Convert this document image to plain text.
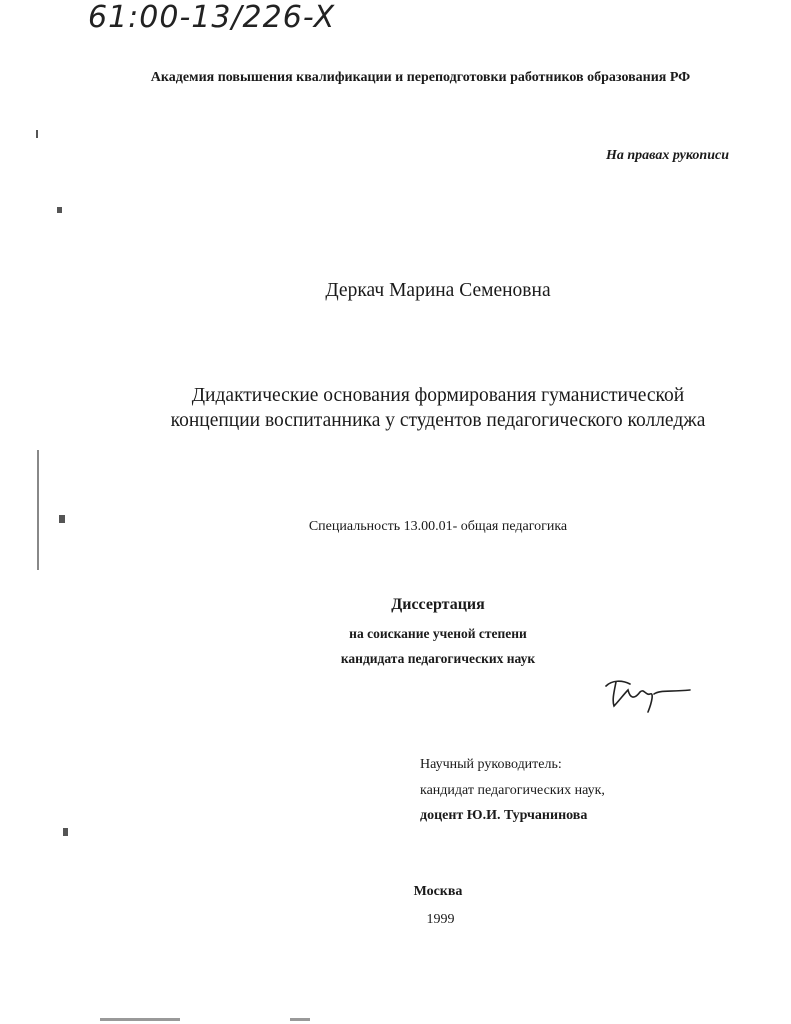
61:00-13/226-X
Академия повышения квалификации и переподготовки работников образования РФ
На правах рукописи
Деркач Марина Семеновна
Дидактические основания формирования гуманистической
концепции воспитанника у студентов педагогического колледжа
Специальность 13.00.01- общая педагогика
Диссертация
на соискание ученой степени
кандидата педагогических наук
Научный руководитель:
кандидат педагогических наук,
доцент Ю.И. Турчанинова
Москва
1999
